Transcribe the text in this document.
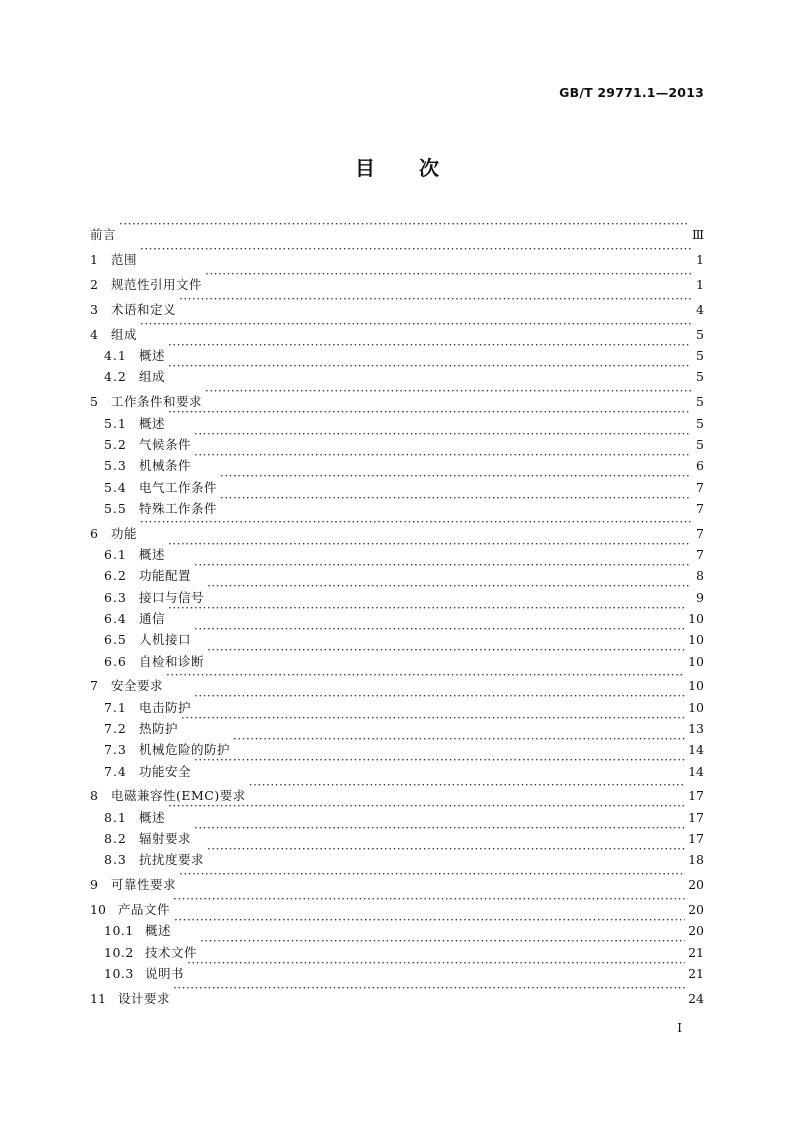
GB/T 29771.1—2013
目 次
前言 ·····	Ⅲ
1	范围 ·····	1
2	规范性引用文件 ·····	1
3	术语和定义 ·····	4
4	组成 ·····	5
4.1 概述 ·····	5
4.2 组成 ·····	5
5	工作条件和要求 ·····	5
5.1 概述 ·····	5
5.2 气候条件 ·····	5
5.3 机械条件 ·····	6
5.4 电气工作条件 ·····	7
5.5 特殊工作条件 ·····	7
6	功能 ·····	7
6.1 概述 ·····	7
6.2 功能配置 ·····	8
6.3 接口与信号 ·····	9
6.4 通信 ·····	10
6.5 人机接口 ·····	10
6.6 自检和诊断 ·····	10
7	安全要求 ·····	10
7.1 电击防护 ·····	10
7.2 热防护 ·····	13
7.3 机械危险的防护 ·····	14
7.4 功能安全 ·····	14
8	电磁兼容性(EMC)要求 ·····	17
8.1 概述 ·····	17
8.2 辐射要求 ·····	17
8.3 抗扰度要求 ·····	18
9	可靠性要求 ·····	20
10 产品文件 ·····	20
10.1 概述 ·····	20
10.2 技术文件 ·····	21
10.3 说明书 ·····	21
11 设计要求 ·····	24
I
